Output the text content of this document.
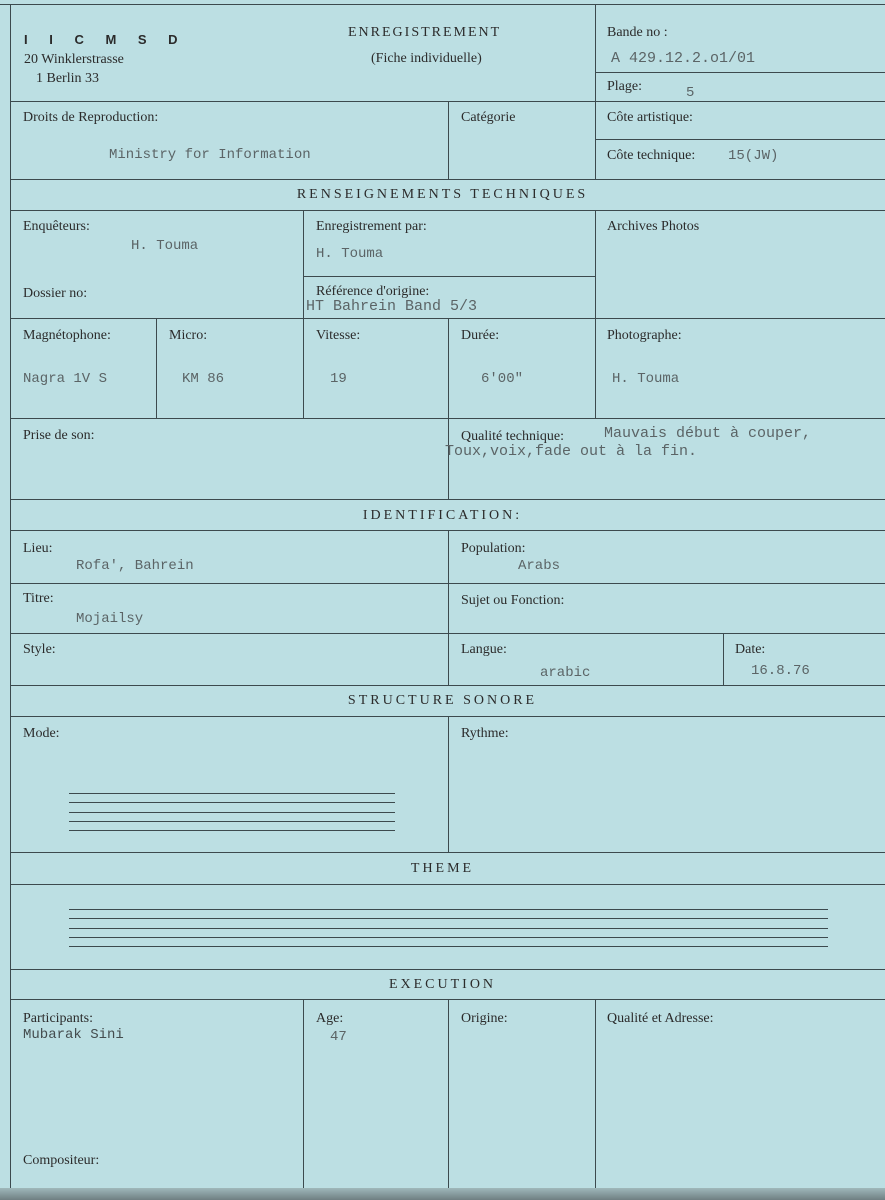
I I C M S D
20 Winklerstrasse
1 Berlin 33
ENREGISTREMENT
(Fiche individuelle)
Bande no :
A 429.12.2.o1/01
Plage:	5
Droits de Reproduction:
Ministry for Information
Catégorie	Côte artistique:
Côte technique: 15(JW)
RENSEIGNEMENTS TECHNIQUES
Enquêteurs:
H. Touma
Enregistrement par:
H. Touma
Archives Photos
Dossier no:	Référence d'origine:
HT Bahrein Band 5/3
Magnétophone:
Nagra 1V S
Micro:
KM 86
Vitesse:
19
Durée:
6'00"
Photographe:
H. Touma
Prise de son:	Qualité technique:	Mauvais début à couper,
Toux,voix,fade out à la fin.
IDENTIFICATION:
Lieu:
Rofa', Bahrein
Population:
Arabs
Titre:
Mojailsy
Sujet ou Fonction:
Style:	Langue:
arabic
Date:
16.8.76
STRUCTURE SONORE
Mode:	Rythme:
THEME
EXECUTION
Participants:
Mubarak Sini
Age:
47
Origine:	Qualité et Adresse:
Compositeur:
